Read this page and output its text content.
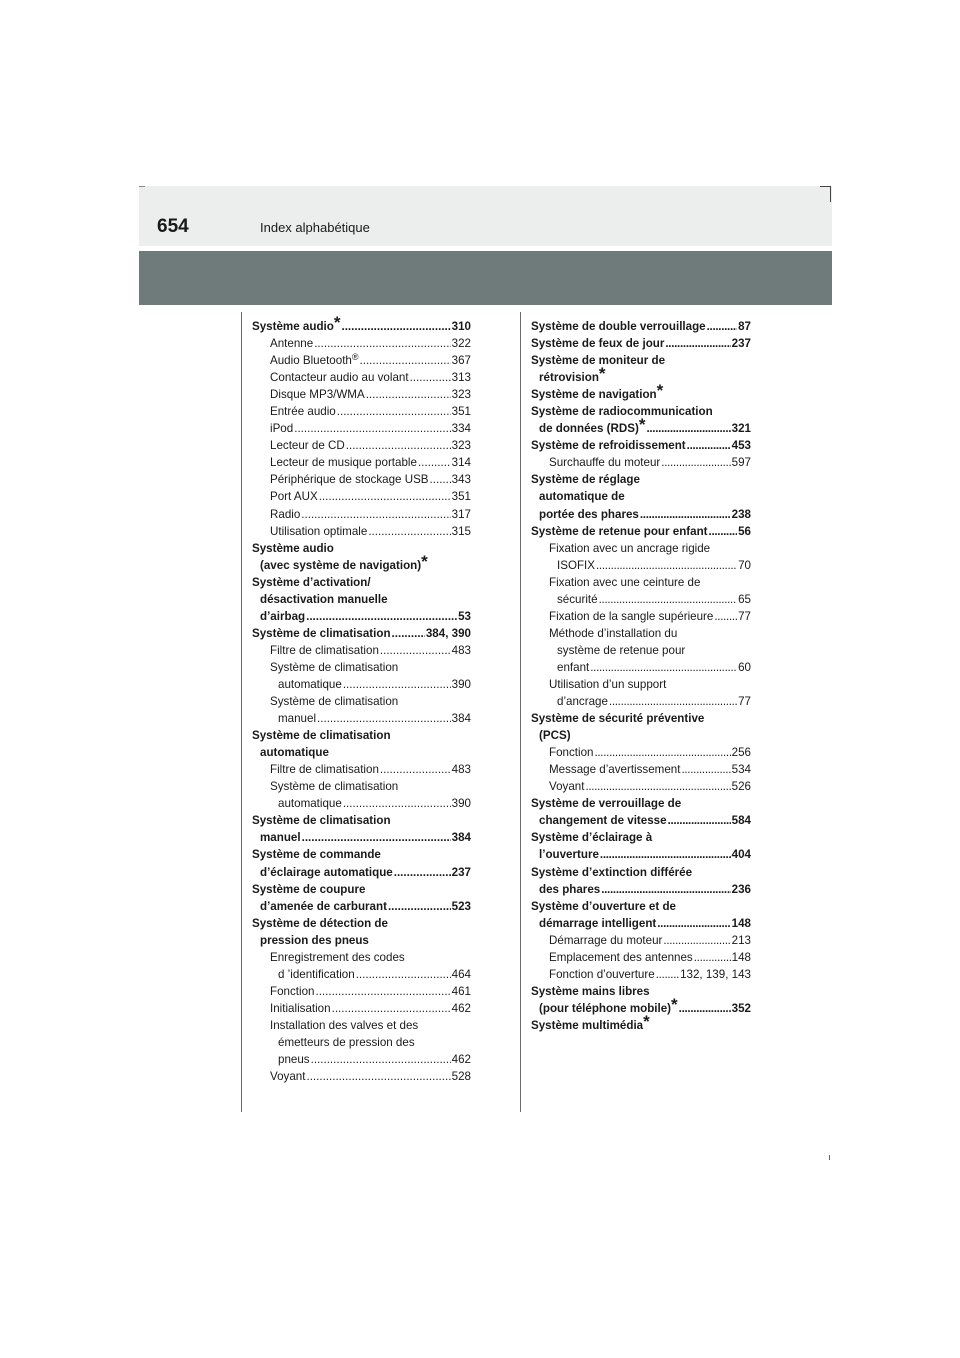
654	Index alphabétique
Système audio* .....	310
Antenne .....	322
Audio Bluetooth® .....	367
Contacteur audio au volant .....	313
Disque MP3/WMA .....	323
Entrée audio .....	351
iPod .....	334
Lecteur de CD .....	323
Lecteur de musique portable .....	314
Périphérique de stockage USB ..... 343
Port AUX .....	351
Radio .....	317
Utilisation optimale .....	315
Système audio
(avec système de navigation)*
Système d’activation/
désactivation manuelle
d’airbag .....	53
Système de climatisation .....	384, 390
Filtre de climatisation .....	483
Système de climatisation
automatique .....	390
Système de climatisation
manuel .....	384
Système de climatisation
automatique
Filtre de climatisation .....	483
Système de climatisation
automatique .....	390
Système de climatisation
manuel .....	384
Système de commande
d’éclairage automatique .....	237
Système de coupure
d’amenée de carburant .....	523
Système de détection de
pression des pneus
Enregistrement des codes
d ’identification .....	464
Fonction .....	461
Initialisation .....	462
Installation des valves et des
émetteurs de pression des
pneus .....	462
Voyant .....	528
Système de double verrouillage .....	87
Système de feux de jour .....	237
Système de moniteur de
rétrovision*
Système de navigation*
Système de radiocommunication
de données (RDS)* .....	321
Système de refroidissement .....	453
Surchauffe du moteur .....	597
Système de réglage
automatique de
portée des phares .....	238
Système de retenue pour enfant .....	56
Fixation avec un ancrage rigide
ISOFIX .....	70
Fixation avec une ceinture de
sécurité .....	65
Fixation de la sangle supérieure ..... 77
Méthode d’installation du
système de retenue pour
enfant .....	60
Utilisation d’un support
d’ancrage .....	77
Système de sécurité préventive
(PCS)
Fonction .....	256
Message d’avertissement .....	534
Voyant .....	526
Système de verrouillage de
changement de vitesse .....	584
Système d’éclairage à
l’ouverture .....	404
Système d’extinction différée
des phares .....	236
Système d’ouverture et de
démarrage intelligent .....	148
Démarrage du moteur .....	213
Emplacement des antennes .....	148
Fonction d’ouverture ..... 132, 139, 143
Système mains libres
(pour téléphone mobile)* .....	352
Système multimédia*
